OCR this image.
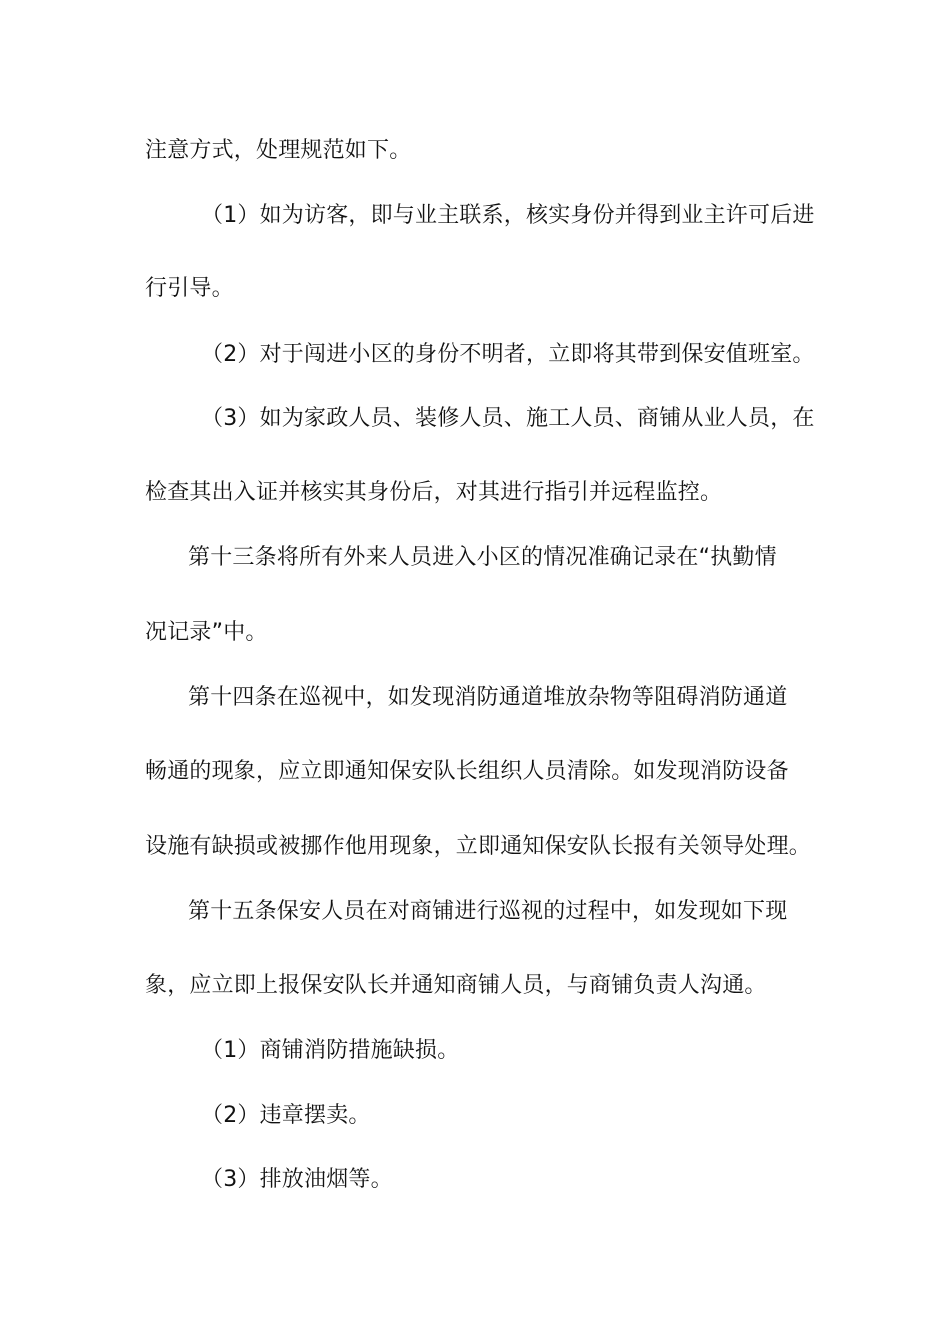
注意方式，处理规范如下。
（1）如为访客，即与业主联系，核实身份并得到业主许可后进
行引导。
（2）对于闯进小区的身份不明者，立即将其带到保安值班室。
（3）如为家政人员、装修人员、施工人员、商铺从业人员，在
检查其出入证并核实其身份后，对其进行指引并远程监控。
第十三条将所有外来人员进入小区的情况准确记录在“执勤情
况记录”中。
第十四条在巡视中，如发现消防通道堆放杂物等阻碍消防通道
畅通的现象，应立即通知保安队长组织人员清除。如发现消防设备
设施有缺损或被挪作他用现象，立即通知保安队长报有关领导处理。
第十五条保安人员在对商铺进行巡视的过程中，如发现如下现
象，应立即上报保安队长并通知商铺人员，与商铺负责人沟通。
（1）商铺消防措施缺损。
（2）违章摆卖。
（3）排放油烟等。
